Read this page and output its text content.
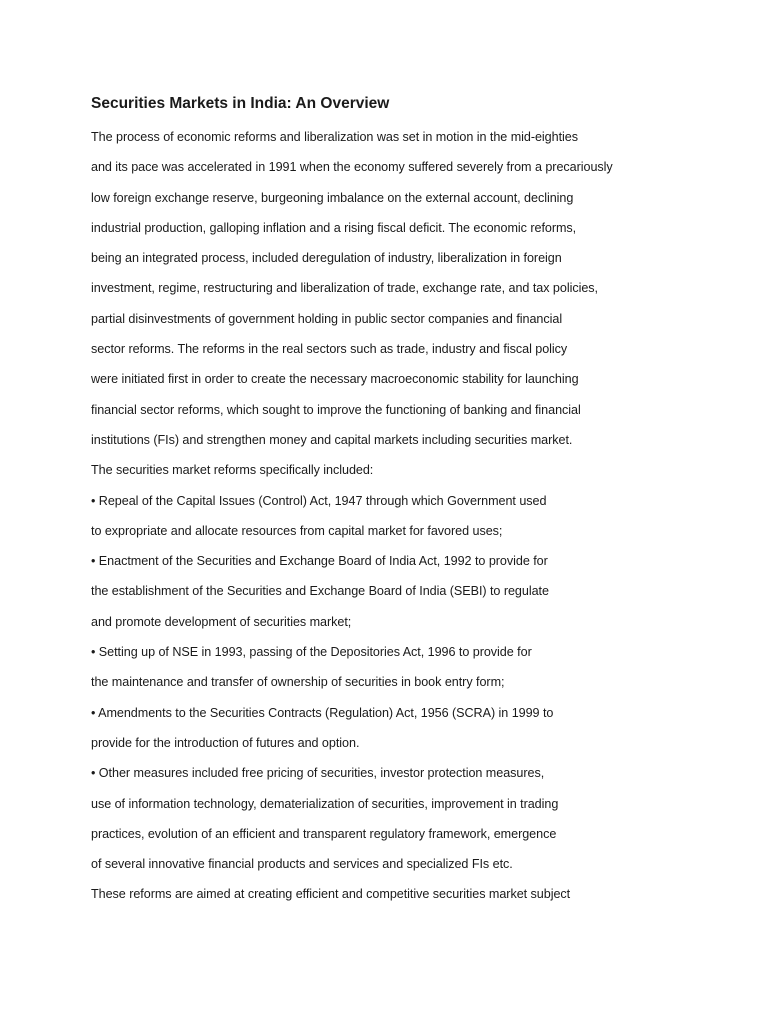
Securities Markets in India: An Overview
The process of economic reforms and liberalization was set in motion in the mid-eighties
and its pace was accelerated in 1991 when the economy suffered severely from a precariously
low foreign exchange reserve, burgeoning imbalance on the external account, declining
industrial production, galloping inflation and a rising fiscal deficit. The economic reforms,
being an integrated process, included deregulation of industry, liberalization in foreign
investment, regime, restructuring and liberalization of trade, exchange rate, and tax policies,
partial disinvestments of government holding in public sector companies and financial
sector reforms. The reforms in the real sectors such as trade, industry and fiscal policy
were initiated first in order to create the necessary macroeconomic stability for launching
financial sector reforms, which sought to improve the functioning of banking and financial
institutions (FIs) and strengthen money and capital markets including securities market.
The securities market reforms specifically included:
• Repeal of the Capital Issues (Control) Act, 1947 through which Government used
to expropriate and allocate resources from capital market for favored uses;
• Enactment of the Securities and Exchange Board of India Act, 1992 to provide for
the establishment of the Securities and Exchange Board of India (SEBI) to regulate
and promote development of securities market;
• Setting up of NSE in 1993, passing of the Depositories Act, 1996 to provide for
the maintenance and transfer of ownership of securities in book entry form;
• Amendments to the Securities Contracts (Regulation) Act, 1956 (SCRA) in 1999 to
provide for the introduction of futures and option.
• Other measures included free pricing of securities, investor protection measures,
use of information technology, dematerialization of securities, improvement in trading
practices, evolution of an efficient and transparent regulatory framework, emergence
of several innovative financial products and services and specialized FIs etc.
These reforms are aimed at creating efficient and competitive securities market subject
